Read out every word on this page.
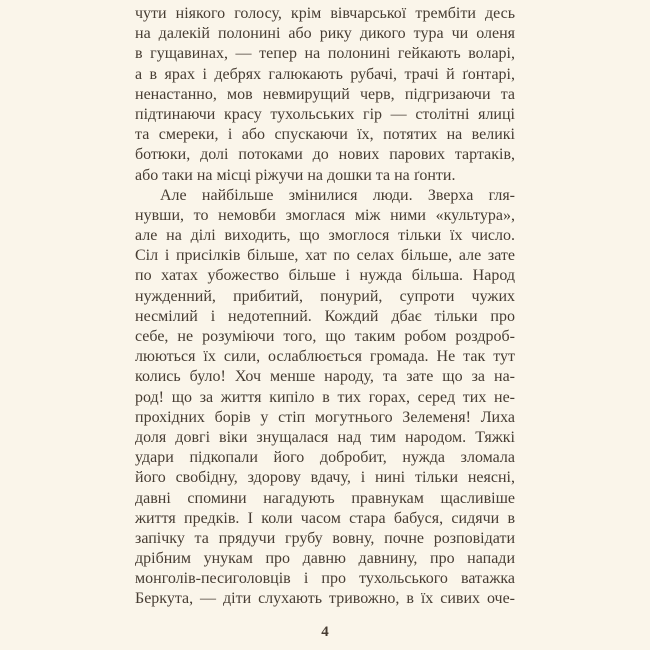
чути ніякого голосу, крім вівчарської трембіти десь
на далекій полонині або рику дикого тура чи оленя
в гущавинах, — тепер на полонині гейкають воларі,
а в ярах і дебрях галюкають рубачі, трачі й ґонтарі,
ненастанно, мов невмирущий черв, підгризаючи та
підтинаючи красу тухольських гір — столітні ялиці
та смереки, і або спускаючи їх, потятих на великі
ботюки, долі потоками до нових парових тартаків,
або таки на місці ріжучи на дошки та на ґонти.
Але найбільше змінилися люди. Зверха гля-
нувши, то немовби змоглася між ними «культура»,
але на ділі виходить, що змоглося тільки їх число.
Сіл і присілків більше, хат по селах більше, але зате
по хатах убожество більше і нужда більша. Народ
нужденний, прибитий, понурий, супроти чужих
несмілий і недотепний. Кождий дбає тільки про
себе, не розуміючи того, що таким робом роздроб-
люються їх сили, ослаблюється громада. Не так тут
колись було! Хоч менше народу, та зате що за на-
род! що за життя кипіло в тих горах, серед тих не-
прохідних борів у стіп могутнього Зелеменя! Лиха
доля довгі віки знущалася над тим народом. Тяжкі
удари підкопали його добробит, нужда зломала
його свобідну, здорову вдачу, і нині тільки неясні,
давні спомини нагадують правнукам щасливіше
життя предків. І коли часом стара бабуся, сидячи в
запічку та прядучи грубу вовну, почне розповідати
дрібним унукам про давню давнину, про напади
монголів-песиголовців і про тухольського ватажка
Беркута, — діти слухають тривожно, в їх сивих оче-
4
